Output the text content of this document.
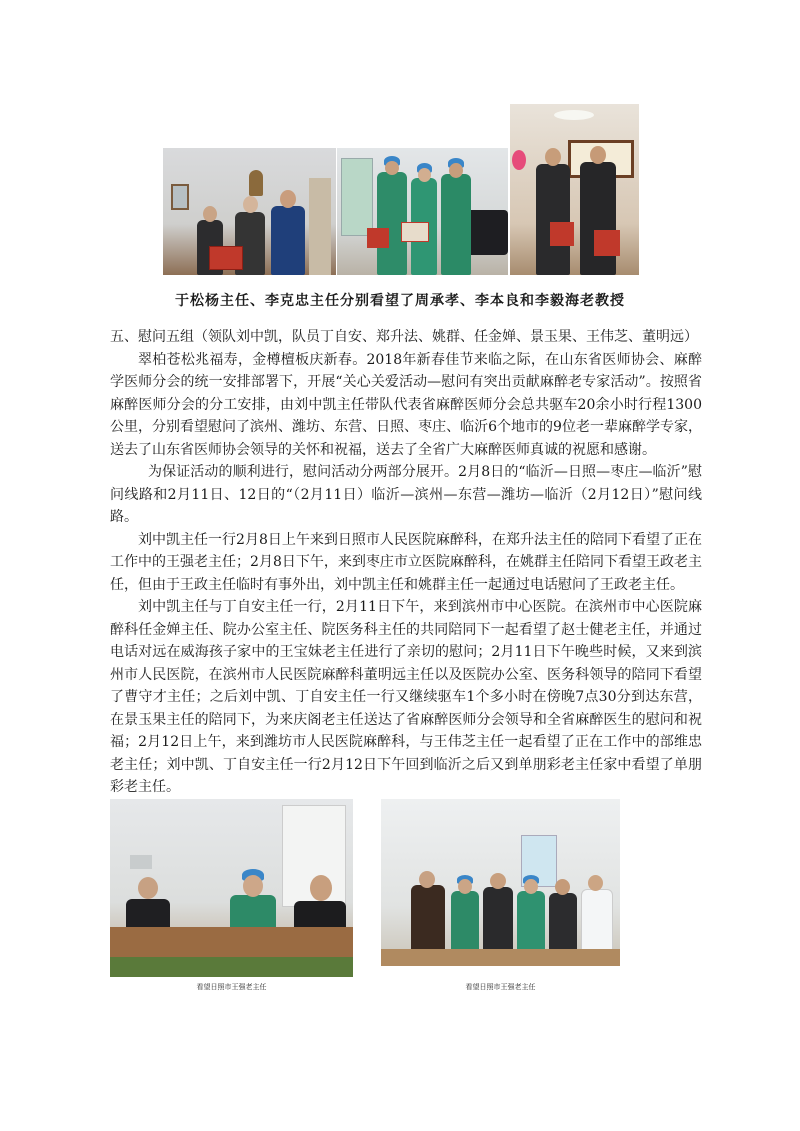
于松杨主任、李克忠主任分别看望了周承孝、李本良和李毅海老教授

五、慰问五组（领队刘中凯，队员丁自安、郑升法、姚群、任金婵、景玉果、王伟芝、董明远）

翠柏苍松兆福寿，金樽檀板庆新春。2018年新春佳节来临之际，在山东省医师协会、麻醉学医师分会的统一安排部署下，开展“关心关爱活动—慰问有突出贡献麻醉老专家活动”。按照省麻醉医师分会的分工安排，由刘中凯主任带队代表省麻醉医师分会总共驱车20余小时行程1300公里，分别看望慰问了滨州、潍坊、东营、日照、枣庄、临沂6个地市的9位老一辈麻醉学专家，送去了山东省医师协会领导的关怀和祝福，送去了全省广大麻醉医师真诚的祝愿和感谢。

为保证活动的顺利进行，慰问活动分两部分展开。2月8日的“临沂—日照—枣庄—临沂”慰问线路和2月11日、12日的“（2月11日）临沂—滨州—东营—潍坊—临沂（2月12日）”慰问线路。

刘中凯主任一行2月8日上午来到日照市人民医院麻醉科，在郑升法主任的陪同下看望了正在工作中的王强老主任；2月8日下午，来到枣庄市立医院麻醉科，在姚群主任陪同下看望王政老主任，但由于王政主任临时有事外出，刘中凯主任和姚群主任一起通过电话慰问了王政老主任。

刘中凯主任与丁自安主任一行，2月11日下午，来到滨州市中心医院。在滨州市中心医院麻醉科任金婵主任、院办公室主任、院医务科主任的共同陪同下一起看望了赵士健老主任，并通过电话对远在威海孩子家中的王宝妹老主任进行了亲切的慰问；2月11日下午晚些时候，又来到滨州市人民医院，在滨州市人民医院麻醉科董明远主任以及医院办公室、医务科领导的陪同下看望了曹守才主任；之后刘中凯、丁自安主任一行又继续驱车1个多小时在傍晚7点30分到达东营，在景玉果主任的陪同下，为来庆阁老主任送达了省麻醉医师分会领导和全省麻醉医生的慰问和祝福；2月12日上午，来到潍坊市人民医院麻醉科，与王伟芝主任一起看望了正在工作中的部维忠老主任；刘中凯、丁自安主任一行2月12日下午回到临沂之后又到单朋彩老主任家中看望了单朋彩老主任。

看望日照市王强老主任	看望日照市王强老主任
